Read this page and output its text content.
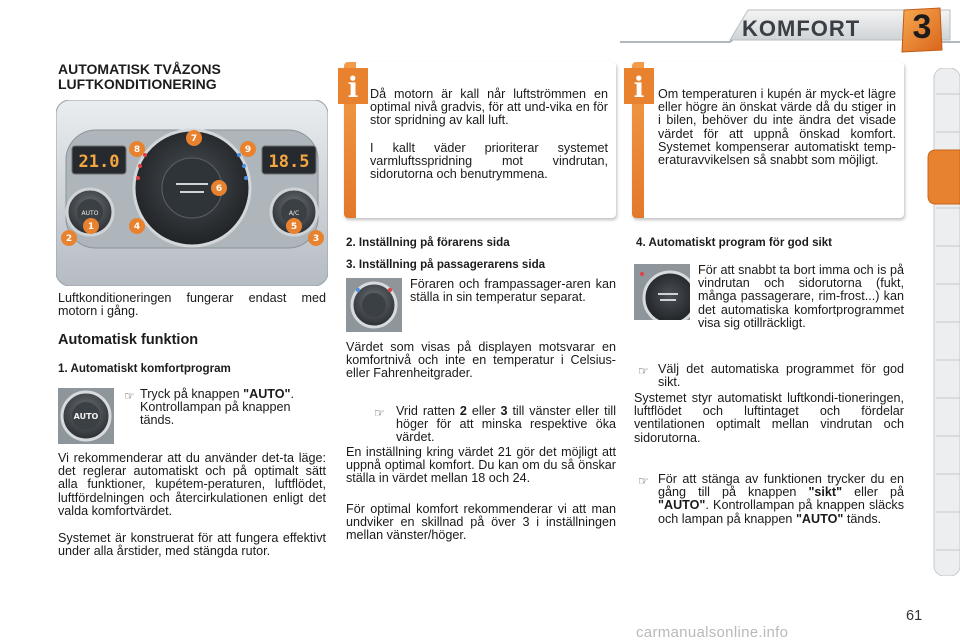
KOMFORT 3
AUTOMATISK TVÅZONS
LUFTKONDITIONERING
21.0	18.5
AUTO	A/C
1
2	3
4	5
6
7
8	9
Luftkonditioneringen fungerar endast med motorn i gång.
Automatisk funktion
1. Automatiskt komfortprogram
AUTO
☞ Tryck på knappen "AUTO". Kontrollampan på knappen tänds.
Vi rekommenderar att du använder det-ta läge: det reglerar automatiskt och på optimalt sätt alla funktioner, kupétem-peraturen, luftflödet, luftfördelningen och återcirkulationen enligt det valda komfortvärdet.
Systemet är konstruerat för att fungera effektivt under alla årstider, med stängda rutor.
Då motorn är kall når luftströmmen en optimal nivå gradvis, för att und-vika en för stor spridning av kall luft.
I kallt väder prioriterar systemet varmluftsspridning mot vindrutan, sidorutorna och benutrymmena.
i
2. Inställning på förarens sida
3. Inställning på passagerarens sida
Föraren och frampassager-aren kan ställa in sin temperatur separat.
Värdet som visas på displayen motsvarar en komfortnivå och inte en temperatur i Celsius- eller Fahrenheitgrader.
☞ Vrid ratten 2 eller 3 till vänster eller till höger för att minska respektive öka värdet.
En inställning kring värdet 21 gör det möjligt att uppnå optimal komfort. Du kan om du så önskar ställa in värdet mellan 18 och 24.
För optimal komfort rekommenderar vi att man undviker en skillnad på över 3 i inställningen mellan vänster/höger.
Om temperaturen i kupén är myck-et lägre eller högre än önskat värde då du stiger in i bilen, behöver du inte ändra det visade värdet för att uppnå önskad komfort. Systemet kompenserar automatiskt temp-eraturavvikelsen så snabbt som möjligt.
i
4. Automatiskt program för god sikt
För att snabbt ta bort imma och is på vindrutan och sidorutorna (fukt, många passagerare, rim-frost...) kan det automatiska komfortprogrammet visa sig otillräckligt.
☞ Välj det automatiska programmet för god sikt.
Systemet styr automatiskt luftkondi-tioneringen, luftflödet och luftintaget och fördelar ventilationen optimalt mellan vindrutan och sidorutorna.
☞ För att stänga av funktionen trycker du en gång till på knappen "sikt" eller på "AUTO". Kontrollampan på knappen släcks och lampan på knappen "AUTO" tänds.
61
carmanualsonline.info
